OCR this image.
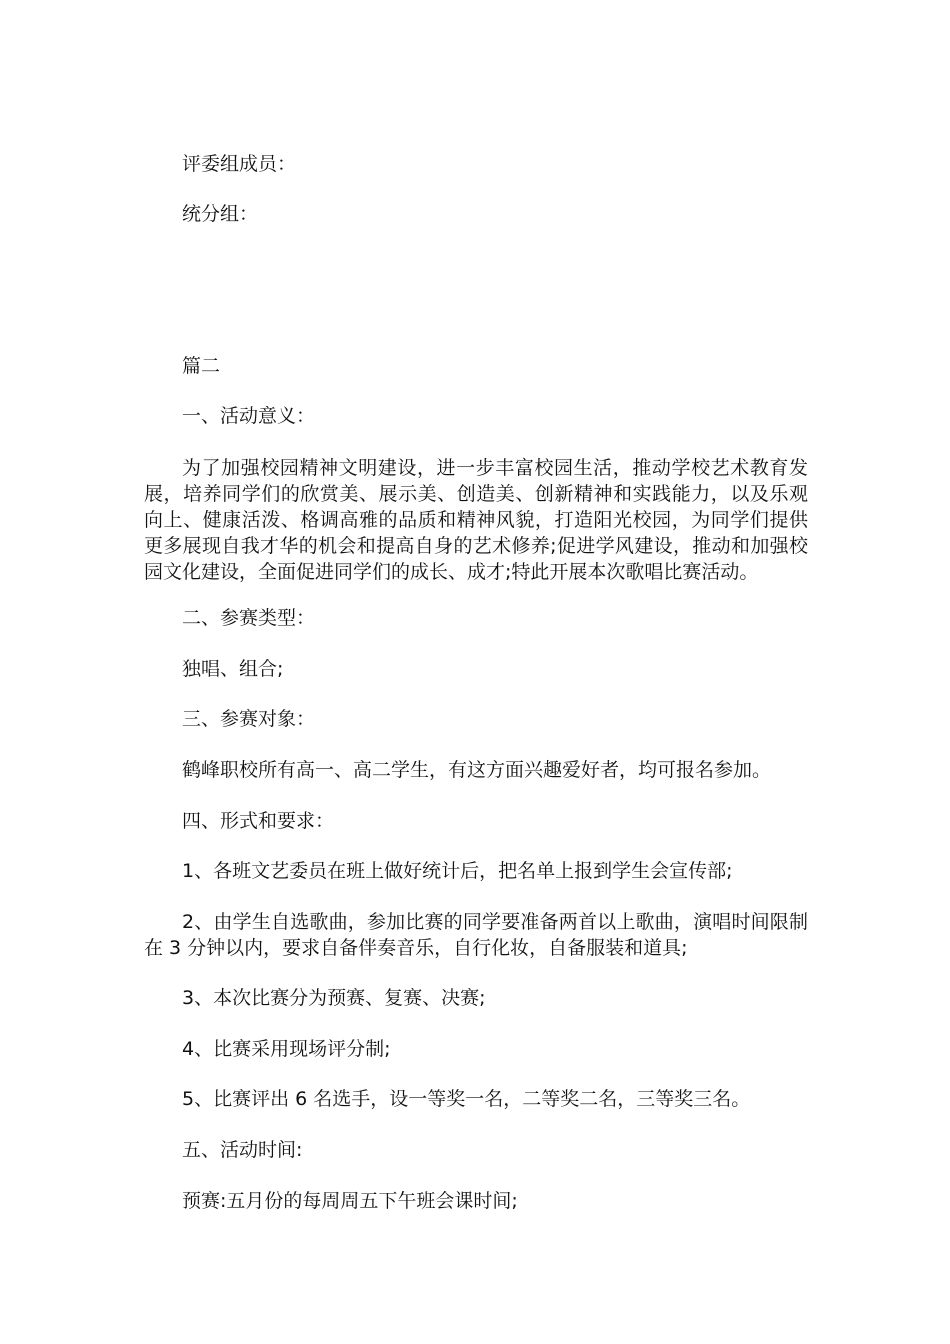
评委组成员：

统分组：

篇二

一、活动意义：

为了加强校园精神文明建设，进一步丰富校园生活，推动学校艺术教育发展，培养同学们的欣赏美、展示美、创造美、创新精神和实践能力，以及乐观向上、健康活泼、格调高雅的品质和精神风貌，打造阳光校园，为同学们提供更多展现自我才华的机会和提高自身的艺术修养;促进学风建设，推动和加强校园文化建设，全面促进同学们的成长、成才;特此开展本次歌唱比赛活动。

二、参赛类型：

独唱、组合;

三、参赛对象：

鹤峰职校所有高一、高二学生，有这方面兴趣爱好者，均可报名参加。

四、形式和要求：

1、各班文艺委员在班上做好统计后，把名单上报到学生会宣传部;

2、由学生自选歌曲，参加比赛的同学要准备两首以上歌曲，演唱时间限制在 3 分钟以内，要求自备伴奏音乐，自行化妆，自备服装和道具;

3、本次比赛分为预赛、复赛、决赛;

4、比赛采用现场评分制;

5、比赛评出 6 名选手，设一等奖一名，二等奖二名，三等奖三名。

五、活动时间:

预赛:五月份的每周周五下午班会课时间;
